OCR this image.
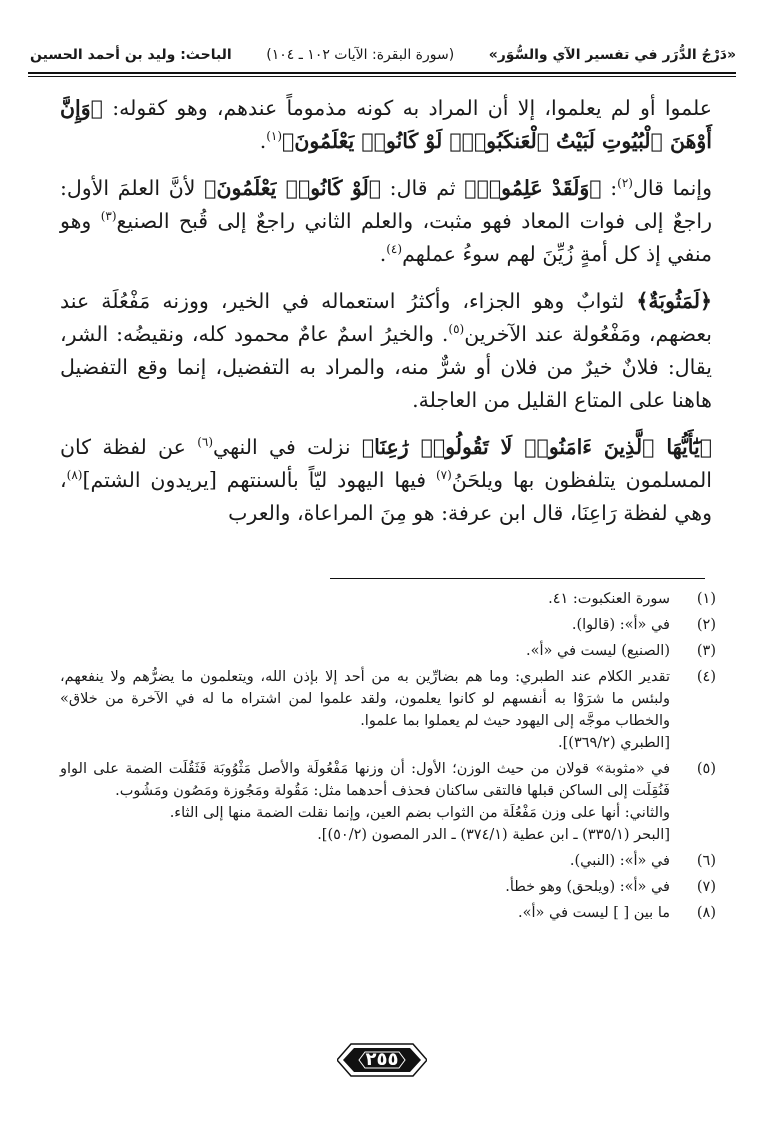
«دَرْجُ الدُّرَر في تفسير الآي والسُّوَر»
(سورة البقرة: الآيات ١٠٢ ـ ١٠٤)
الباحث: وليد بن أحمد الحسين

علموا أو لم يعلموا، إلا أن المراد به كونه مذموماً عندهم، وهو كقوله: ﴿وَإِنَّ أَوْهَنَ ٱلْبُيُوتِ لَبَيْتُ ٱلْعَنكَبُوتِۖ لَوْ كَانُوا۟ يَعْلَمُونَ﴾$^{(١)}$.

وإنما قال$^{(٢)}$: ﴿وَلَقَدْ عَلِمُوا۟﴾ ثم قال: ﴿لَوْ كَانُوا۟ يَعْلَمُونَ﴾ لأنَّ العلمَ الأول: راجعٌ إلى فوات المعاد فهو مثبت، والعلم الثاني راجعٌ إلى قُبح الصنيع$^{(٣)}$ وهو منفي إذ كل أمةٍ زُيِّنَ لهم سوءُ عملهم$^{(٤)}$.

﴿لَمَثُوبَةٌ﴾ لثوابٌ وهو الجزاء، وأكثرُ استعماله في الخير، ووزنه مَفْعُلَة عند بعضهم، ومَفْعُولة عند الآخرين$^{(٥)}$. والخيرُ اسمٌ عامٌ محمود كله، ونقيضُه: الشر، يقال: فلانٌ خيرٌ من فلان أو شرٌّ منه، والمراد به التفضيل، إنما وقع التفضيل هاهنا على المتاع القليل من العاجلة.

﴿يَٰٓأَيُّهَا ٱلَّذِينَ ءَامَنُوا۟ لَا تَقُولُوا۟ رَٰعِنَا﴾ نزلت في النهي$^{(٦)}$ عن لفظة كان المسلمون يتلفظون بها ويلحَنُ$^{(٧)}$ فيها اليهود ليّاً بألسنتهم [يريدون الشتم]$^{(٨)}$، وهي لفظة رَاعِنَا، قال ابن عرفة: هو مِنَ المراعاة، والعرب

(١)
سورة العنكبوت: ٤١.
(٢)
في «أ»: (قالوا).
(٣)
(الصنيع) ليست في «أ».
(٤)
تقدير الكلام عند الطبري: وما هم بضارِّين به من أحد إلا بإذن الله، ويتعلمون ما يضرُّهم ولا ينفعهم، ولبئس ما شرَوْا به أنفسهم لو كانوا يعلمون، ولقد علموا لمن اشتراه ما له في الآخرة من خلاق» والخطاب موجَّه إلى اليهود حيث لم يعملوا بما علموا.
[الطبري (٣٦٩/٢)].
(٥)
في «مثوبة» قولان من حيث الوزن؛ الأول: أن وزنها مَفْعُولَة والأصل مَثْوُوبَة فَثَقُلَت الضمة على الواو فَنُقِلَت إلى الساكن قبلها فالتقى ساكنان فحذف أحدهما مثل: مَقُولة ومَجُوزة ومَصُون ومَشُوب.
والثاني: أنها على وزن مَفْعُلَة من الثواب بضم العين، وإنما نقلت الضمة منها إلى الثاء.
[البحر (٣٣٥/١) ـ ابن عطية (٣٧٤/١) ـ الدر المصون (٥٠/٢)].
(٦)
في «أ»: (النبي).
(٧)
في «أ»: (ويلحق) وهو خطأ.
(٨)
ما بين [ ] ليست في «أ».
٢٥٥
